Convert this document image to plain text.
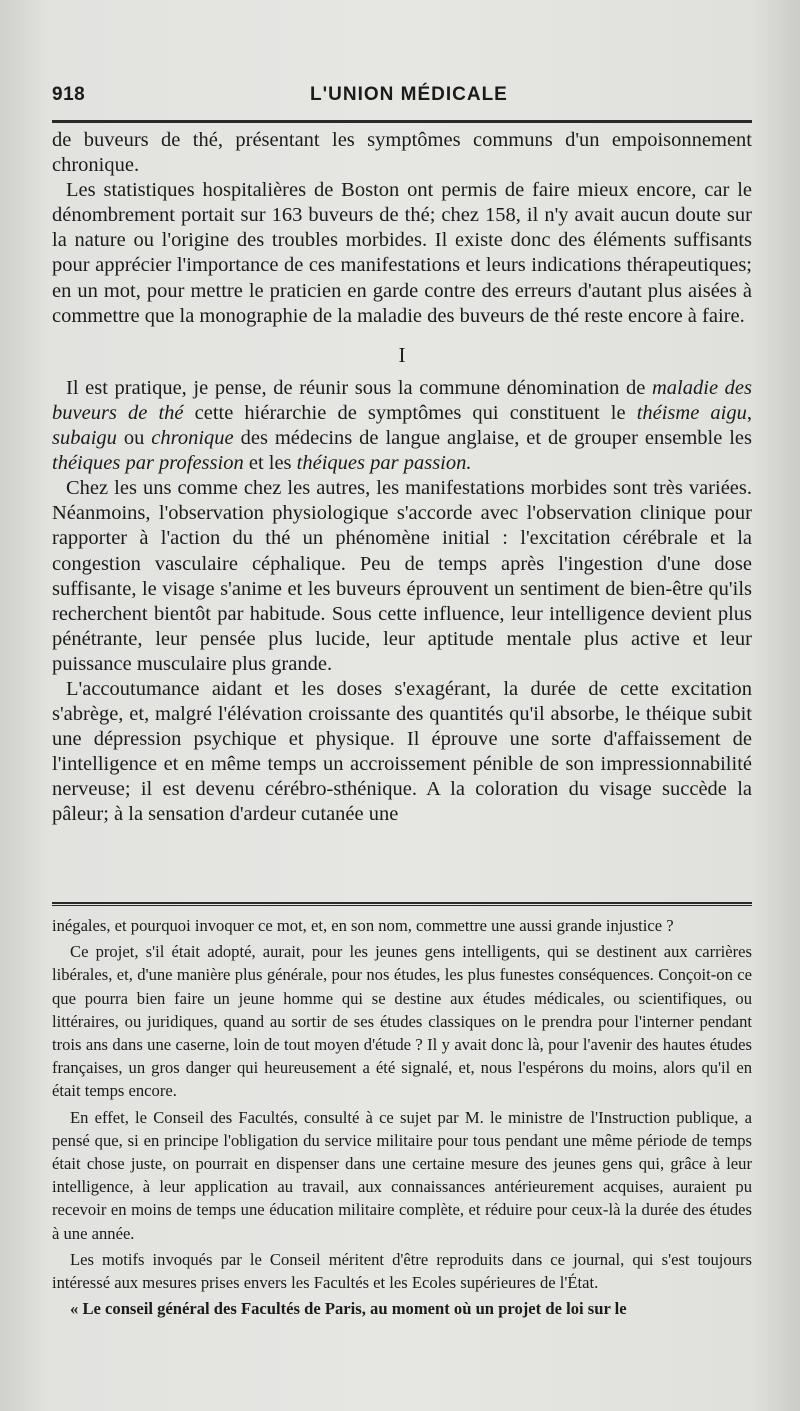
918	L'UNION MÉDICALE

de buveurs de thé, présentant les symptômes communs d'un empoisonnement chronique.

Les statistiques hospitalières de Boston ont permis de faire mieux encore, car le dénombrement portait sur 163 buveurs de thé; chez 158, il n'y avait aucun doute sur la nature ou l'origine des troubles morbides. Il existe donc des éléments suffisants pour apprécier l'importance de ces manifestations et leurs indications thérapeutiques; en un mot, pour mettre le praticien en garde contre des erreurs d'autant plus aisées à commettre que la monographie de la maladie des buveurs de thé reste encore à faire.

I

Il est pratique, je pense, de réunir sous la commune dénomination de maladie des buveurs de thé cette hiérarchie de symptômes qui constituent le théisme aigu, subaigu ou chronique des médecins de langue anglaise, et de grouper ensemble les théiques par profession et les théiques par passion.

Chez les uns comme chez les autres, les manifestations morbides sont très variées. Néanmoins, l'observation physiologique s'accorde avec l'observation clinique pour rapporter à l'action du thé un phénomène initial : l'excitation cérébrale et la congestion vasculaire céphalique. Peu de temps après l'ingestion d'une dose suffisante, le visage s'anime et les buveurs éprouvent un sentiment de bien-être qu'ils recherchent bientôt par habitude. Sous cette influence, leur intelligence devient plus pénétrante, leur pensée plus lucide, leur aptitude mentale plus active et leur puissance musculaire plus grande.

L'accoutumance aidant et les doses s'exagérant, la durée de cette excitation s'abrège, et, malgré l'élévation croissante des quantités qu'il absorbe, le théique subit une dépression psychique et physique. Il éprouve une sorte d'affaissement de l'intelligence et en même temps un accroissement pénible de son impressionnabilité nerveuse; il est devenu cérébro-sthénique. A la coloration du visage succède la pâleur; à la sensation d'ardeur cutanée une

inégales, et pourquoi invoquer ce mot, et, en son nom, commettre une aussi grande injustice ?

Ce projet, s'il était adopté, aurait, pour les jeunes gens intelligents, qui se destinent aux carrières libérales, et, d'une manière plus générale, pour nos études, les plus funestes conséquences. Conçoit-on ce que pourra bien faire un jeune homme qui se destine aux études médicales, ou scientifiques, ou littéraires, ou juridiques, quand au sortir de ses études classiques on le prendra pour l'interner pendant trois ans dans une caserne, loin de tout moyen d'étude ? Il y avait donc là, pour l'avenir des hautes études françaises, un gros danger qui heureusement a été signalé, et, nous l'espérons du moins, alors qu'il en était temps encore.

En effet, le Conseil des Facultés, consulté à ce sujet par M. le ministre de l'Instruction publique, a pensé que, si en principe l'obligation du service militaire pour tous pendant une même période de temps était chose juste, on pourrait en dispenser dans une certaine mesure des jeunes gens qui, grâce à leur intelligence, à leur application au travail, aux connaissances antérieurement acquises, auraient pu recevoir en moins de temps une éducation militaire complète, et réduire pour ceux-là la durée des études à une année.

Les motifs invoqués par le Conseil méritent d'être reproduits dans ce journal, qui s'est toujours intéressé aux mesures prises envers les Facultés et les Ecoles supérieures de l'État.

« Le conseil général des Facultés de Paris, au moment où un projet de loi sur le
